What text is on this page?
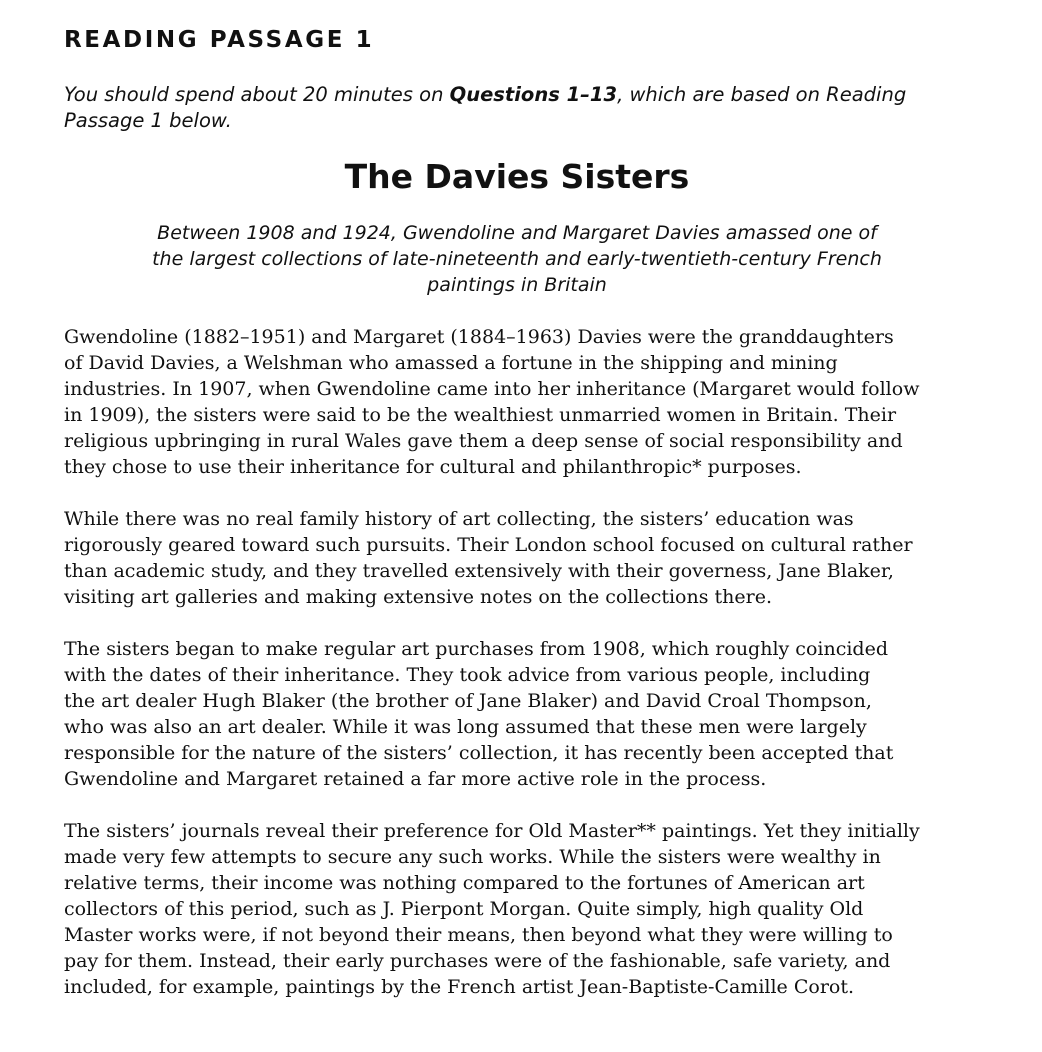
READING PASSAGE 1
You should spend about 20 minutes on Questions 1–13, which are based on Reading
Passage 1 below.
The Davies Sisters
Between 1908 and 1924, Gwendoline and Margaret Davies amassed one of
the largest collections of late-nineteenth and early-twentieth-century French
paintings in Britain

Gwendoline (1882–1951) and Margaret (1884–1963) Davies were the granddaughters
of David Davies, a Welshman who amassed a fortune in the shipping and mining
industries. In 1907, when Gwendoline came into her inheritance (Margaret would follow
in 1909), the sisters were said to be the wealthiest unmarried women in Britain. Their
religious upbringing in rural Wales gave them a deep sense of social responsibility and
they chose to use their inheritance for cultural and philanthropic* purposes.

While there was no real family history of art collecting, the sisters’ education was
rigorously geared toward such pursuits. Their London school focused on cultural rather
than academic study, and they travelled extensively with their governess, Jane Blaker,
visiting art galleries and making extensive notes on the collections there.

The sisters began to make regular art purchases from 1908, which roughly coincided
with the dates of their inheritance. They took advice from various people, including
the art dealer Hugh Blaker (the brother of Jane Blaker) and David Croal Thompson,
who was also an art dealer. While it was long assumed that these men were largely
responsible for the nature of the sisters’ collection, it has recently been accepted that
Gwendoline and Margaret retained a far more active role in the process.

The sisters’ journals reveal their preference for Old Master** paintings. Yet they initially
made very few attempts to secure any such works. While the sisters were wealthy in
relative terms, their income was nothing compared to the fortunes of American art
collectors of this period, such as J. Pierpont Morgan. Quite simply, high quality Old
Master works were, if not beyond their means, then beyond what they were willing to
pay for them. Instead, their early purchases were of the fashionable, safe variety, and
included, for example, paintings by the French artist Jean-Baptiste-Camille Corot.
